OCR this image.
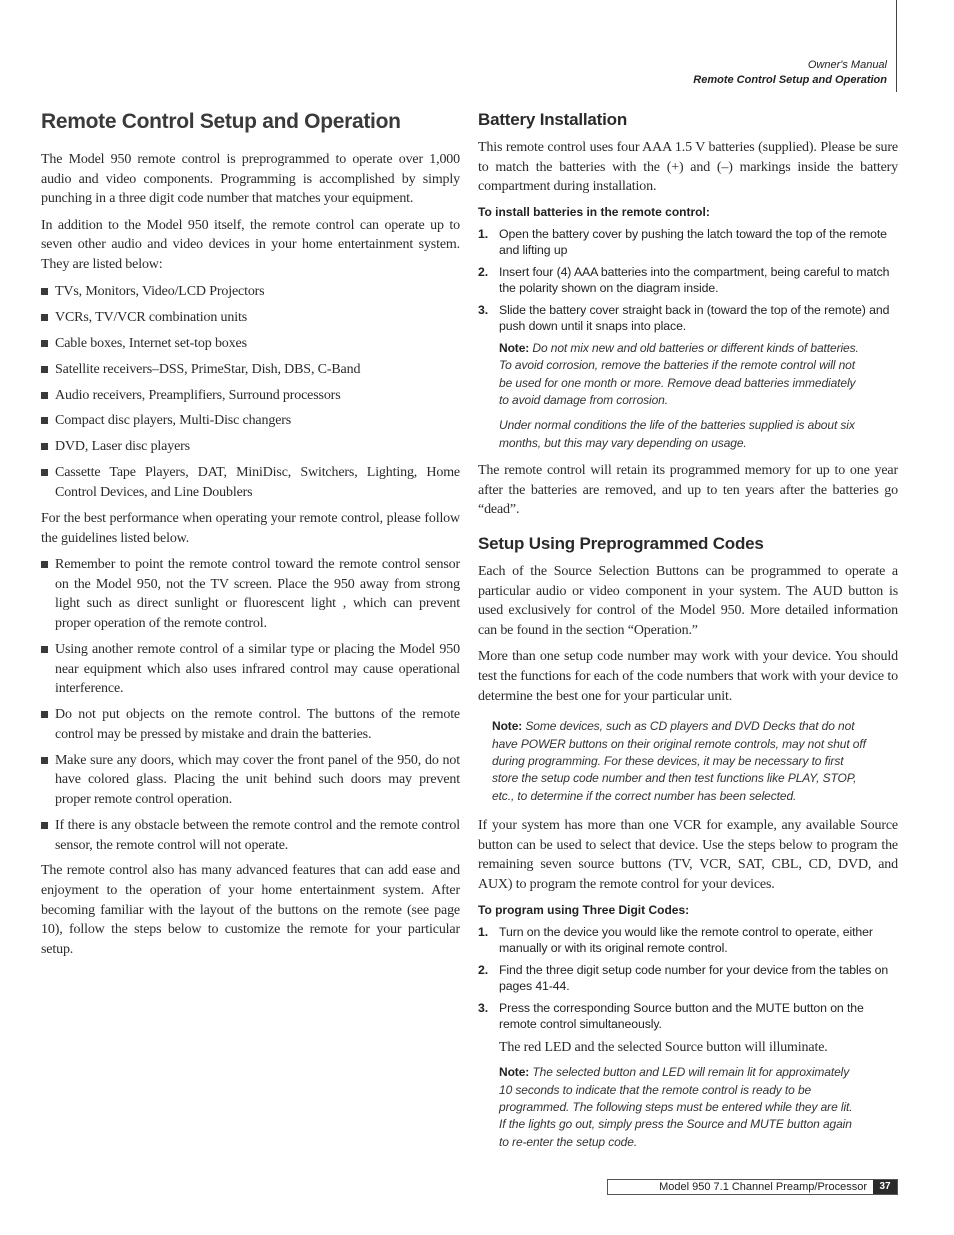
Owner's Manual
Remote Control Setup and Operation
Remote Control Setup and Operation

The Model 950 remote control is preprogrammed to operate over 1,000 audio and video components. Programming is accomplished by simply punching in a three digit code number that matches your equipment.

In addition to the Model 950 itself, the remote control can operate up to seven other audio and video devices in your home entertainment system. They are listed below:

TVs, Monitors, Video/LCD Projectors
VCRs, TV/VCR combination units
Cable boxes, Internet set-top boxes
Satellite receivers–DSS, PrimeStar, Dish, DBS, C-Band
Audio receivers, Preamplifiers, Surround processors
Compact disc players, Multi-Disc changers
DVD, Laser disc players
Cassette Tape Players, DAT, MiniDisc, Switchers, Lighting, Home Control Devices, and Line Doublers

For the best performance when operating your remote control, please follow the guidelines listed below.

Remember to point the remote control toward the remote control sensor on the Model 950, not the TV screen. Place the 950 away from strong light such as direct sunlight or fluorescent light , which can prevent proper operation of the remote control.
Using another remote control of a similar type or placing the Model 950 near equipment which also uses infrared control may cause operational interference.
Do not put objects on the remote control. The buttons of the remote control may be pressed by mistake and drain the batteries.
Make sure any doors, which may cover the front panel of the 950, do not have colored glass. Placing the unit behind such doors may prevent proper remote control operation.
If there is any obstacle between the remote control and the remote control sensor, the remote control will not operate.

The remote control also has many advanced features that can add ease and enjoyment to the operation of your home entertainment system. After becoming familiar with the layout of the buttons on the remote (see page 10), follow the steps below to customize the remote for your particular setup.

Battery Installation

This remote control uses four AAA 1.5 V batteries (supplied). Please be sure to match the batteries with the (+) and (–) markings inside the battery compartment during installation.

To install batteries in the remote control:
1. Open the battery cover by pushing the latch toward the top of the remote and lifting up
2. Insert four (4) AAA batteries into the compartment, being careful to match the polarity shown on the diagram inside.
3. Slide the battery cover straight back in (toward the top of the remote) and push down until it snaps into place.
Note: Do not mix new and old batteries or different kinds of batteries. To avoid corrosion, remove the batteries if the remote control will not be used for one month or more. Remove dead batteries immediately to avoid damage from corrosion.
Under normal conditions the life of the batteries supplied is about six months, but this may vary depending on usage.

The remote control will retain its programmed memory for up to one year after the batteries are removed, and up to ten years after the batteries go “dead”.

Setup Using Preprogrammed Codes

Each of the Source Selection Buttons can be programmed to operate a particular audio or video component in your system. The AUD button is used exclusively for control of the Model 950. More detailed information can be found in the section “Operation.”

More than one setup code number may work with your device. You should test the functions for each of the code numbers that work with your device to determine the best one for your particular unit.

Note: Some devices, such as CD players and DVD Decks that do not have POWER buttons on their original remote controls, may not shut off during programming. For these devices, it may be necessary to first store the setup code number and then test functions like PLAY, STOP, etc., to determine if the correct number has been selected.

If your system has more than one VCR for example, any available Source button can be used to select that device. Use the steps below to program the remaining seven source buttons (TV, VCR, SAT, CBL, CD, DVD, and AUX) to program the remote control for your devices.

To program using Three Digit Codes:
1. Turn on the device you would like the remote control to operate, either manually or with its original remote control.
2. Find the three digit setup code number for your device from the tables on pages 41-44.
3. Press the corresponding Source button and the MUTE button on the remote control simultaneously.

The red LED and the selected Source button will illuminate.

Note: The selected button and LED will remain lit for approximately 10 seconds to indicate that the remote control is ready to be programmed. The following steps must be entered while they are lit. If the lights go out, simply press the Source and MUTE button again to re-enter the setup code.
Model 950 7.1 Channel Preamp/Processor	37
